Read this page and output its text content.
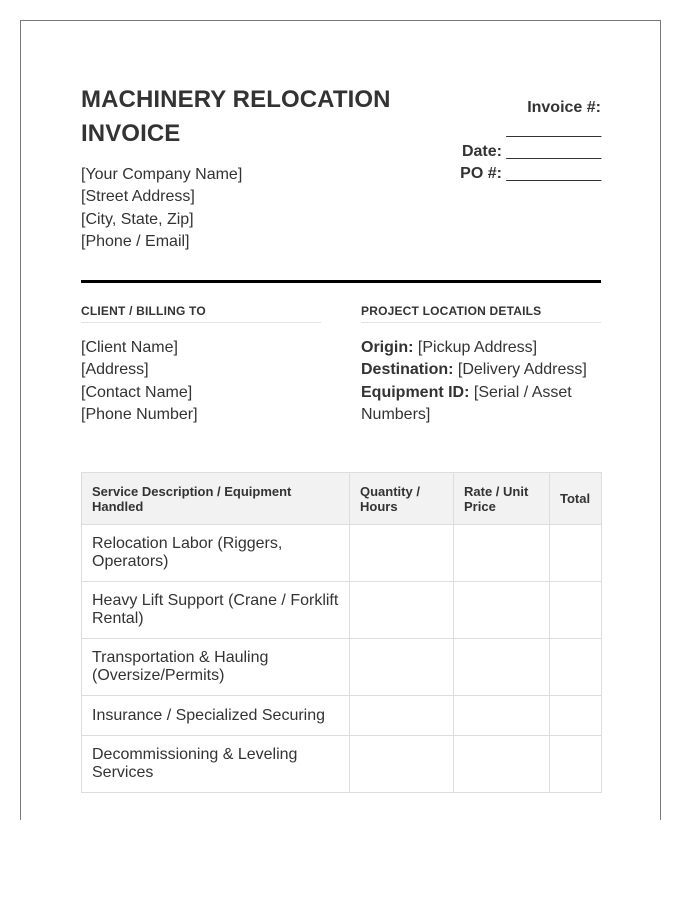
MACHINERY RELOCATION INVOICE
[Your Company Name]
[Street Address]
[City, State, Zip]
[Phone / Email]
Invoice #:
___________
Date: ___________
PO #: ___________
CLIENT / BILLING TO	PROJECT LOCATION DETAILS
[Client Name]
[Address]
[Contact Name]
[Phone Number]
Origin: [Pickup Address]
Destination: [Delivery Address]
Equipment ID: [Serial / Asset Numbers]
Service Description / Equipment Handled	Quantity / Hours	Rate / Unit Price	Total
Relocation Labor (Riggers, Operators)			
Heavy Lift Support (Crane / Forklift Rental)			
Transportation & Hauling (Oversize/Permits)			
Insurance / Specialized Securing			
Decommissioning & Leveling Services			
